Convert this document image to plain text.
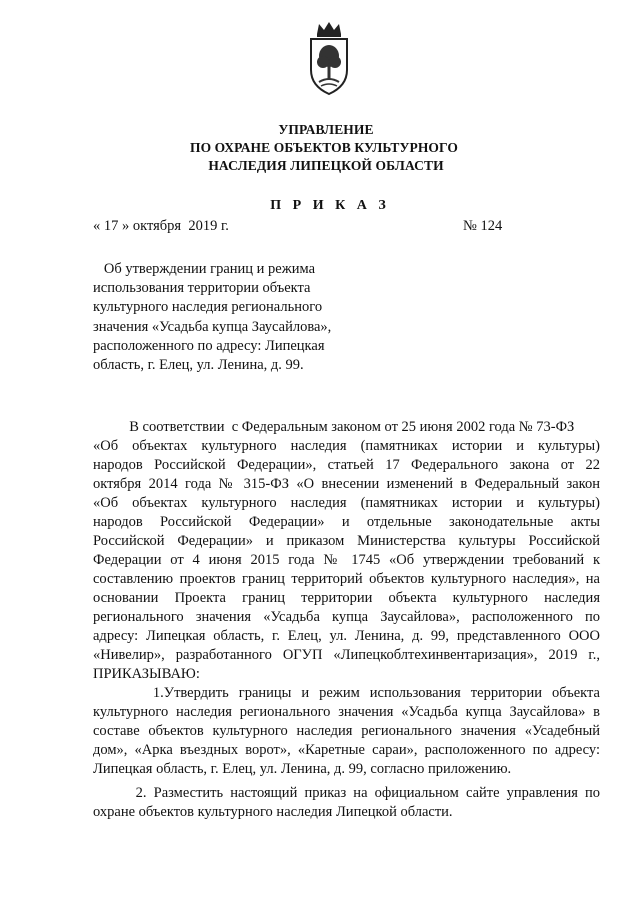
УПРАВЛЕНИЕ
ПО ОХРАНЕ ОБЪЕКТОВ КУЛЬТУРНОГО
НАСЛЕДИЯ ЛИПЕЦКОЙ ОБЛАСТИ
П Р И К А З
« 17 » октября  2019 г.	№ 124
Об утверждении границ и режима
использования территории объекта
культурного наследия регионального
значения «Усадьба купца Заусайлова»,
расположенного по адресу: Липецкая
область, г. Елец, ул. Ленина, д. 99.
В соответствии  с Федеральным законом от 25 июня 2002 года № 73-ФЗ
«Об объектах культурного наследия (памятниках истории и культуры)
народов Российской Федерации», статьей 17 Федерального закона от 22
октября 2014 года № 315-ФЗ «О внесении изменений в Федеральный закон
«Об объектах культурного наследия (памятниках истории и культуры)
народов Российской Федерации» и отдельные законодательные акты
Российской Федерации» и приказом Министерства культуры Российской
Федерации от 4 июня 2015 года № 1745 «Об утверждении требований к
составлению проектов границ территорий объектов культурного наследия», на
основании Проекта границ территории объекта культурного наследия
регионального значения «Усадьба купца Заусайлова», расположенного по
адресу: Липецкая область, г. Елец, ул. Ленина, д. 99, представленного ООО
«Нивелир», разработанного ОГУП «Липецкоблтехинвентаризация», 2019 г.,
ПРИКАЗЫВАЮ:
1.Утвердить границы и режим использования территории объекта
культурного наследия регионального значения «Усадьба купца Заусайлова» в
составе объектов культурного наследия регионального значения «Усадебный
дом», «Арка въездных ворот», «Каретные сараи», расположенного по адресу:
Липецкая область, г. Елец, ул. Ленина, д. 99, согласно приложению.
2. Разместить настоящий приказ на официальном сайте управления по
охране объектов культурного наследия Липецкой области.
